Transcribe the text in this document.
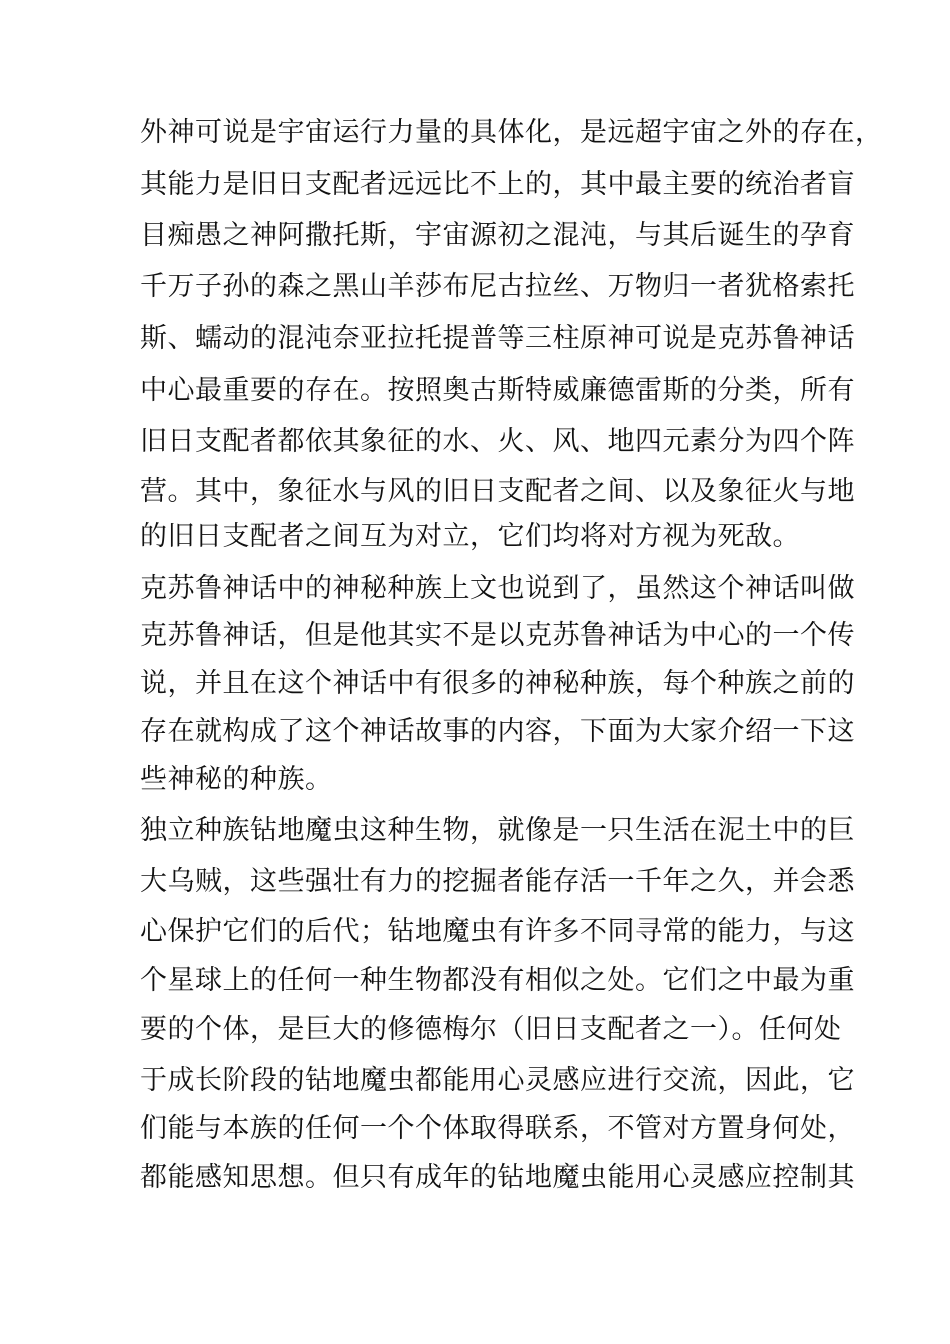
外神可说是宇宙运行力量的具体化，是远超宇宙之外的存在，
其能力是旧日支配者远远比不上的，其中最主要的统治者盲
目痴愚之神阿撒托斯，宇宙源初之混沌，与其后诞生的孕育
千万子孙的森之黑山羊莎布尼古拉丝、万物归一者犹格索托
斯、蠕动的混沌奈亚拉托提普等三柱原神可说是克苏鲁神话
中心最重要的存在。按照奥古斯特威廉德雷斯的分类，所有
旧日支配者都依其象征的水、火、风、地四元素分为四个阵
营。其中，象征水与风的旧日支配者之间、以及象征火与地
的旧日支配者之间互为对立，它们均将对方视为死敌。
克苏鲁神话中的神秘种族上文也说到了，虽然这个神话叫做
克苏鲁神话，但是他其实不是以克苏鲁神话为中心的一个传
说，并且在这个神话中有很多的神秘种族，每个种族之前的
存在就构成了这个神话故事的内容，下面为大家介绍一下这
些神秘的种族。
独立种族钻地魔虫这种生物，就像是一只生活在泥土中的巨
大乌贼，这些强壮有力的挖掘者能存活一千年之久，并会悉
心保护它们的后代；钻地魔虫有许多不同寻常的能力，与这
个星球上的任何一种生物都没有相似之处。它们之中最为重
要的个体，是巨大的修德梅尔（旧日支配者之一）。任何处
于成长阶段的钻地魔虫都能用心灵感应进行交流，因此，它
们能与本族的任何一个个体取得联系，不管对方置身何处，
都能感知思想。但只有成年的钻地魔虫能用心灵感应控制其
